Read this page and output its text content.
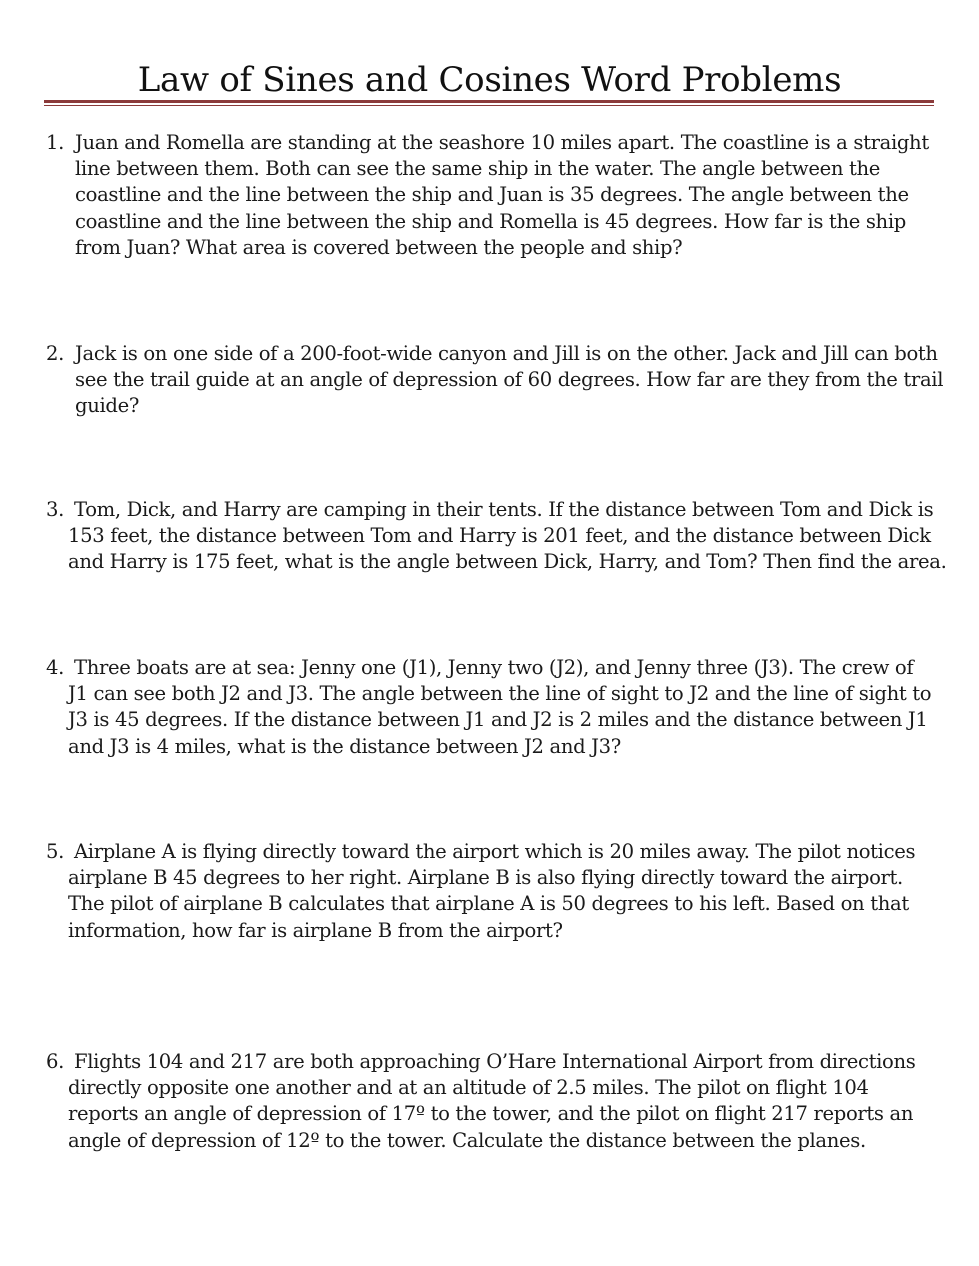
Law of Sines and Cosines Word Problems
1. Juan and Romella are standing at the seashore 10 miles apart. The coastline is a straight
line between them. Both can see the same ship in the water. The angle between the
coastline and the line between the ship and Juan is 35 degrees. The angle between the
coastline and the line between the ship and Romella is 45 degrees. How far is the ship
from Juan? What area is covered between the people and ship?
2. Jack is on one side of a 200-foot-wide canyon and Jill is on the other. Jack and Jill can both
see the trail guide at an angle of depression of 60 degrees. How far are they from the trail
guide?
3. Tom, Dick, and Harry are camping in their tents. If the distance between Tom and Dick is
153 feet, the distance between Tom and Harry is 201 feet, and the distance between Dick
and Harry is 175 feet, what is the angle between Dick, Harry, and Tom? Then find the area.
4. Three boats are at sea: Jenny one (J1), Jenny two (J2), and Jenny three (J3). The crew of
J1 can see both J2 and J3. The angle between the line of sight to J2 and the line of sight to
J3 is 45 degrees. If the distance between J1 and J2 is 2 miles and the distance between J1
and J3 is 4 miles, what is the distance between J2 and J3?
5. Airplane A is flying directly toward the airport which is 20 miles away. The pilot notices
airplane B 45 degrees to her right. Airplane B is also flying directly toward the airport.
The pilot of airplane B calculates that airplane A is 50 degrees to his left. Based on that
information, how far is airplane B from the airport?
6. Flights 104 and 217 are both approaching O’Hare International Airport from directions
directly opposite one another and at an altitude of 2.5 miles. The pilot on flight 104
reports an angle of depression of 17º to the tower, and the pilot on flight 217 reports an
angle of depression of 12º to the tower. Calculate the distance between the planes.
